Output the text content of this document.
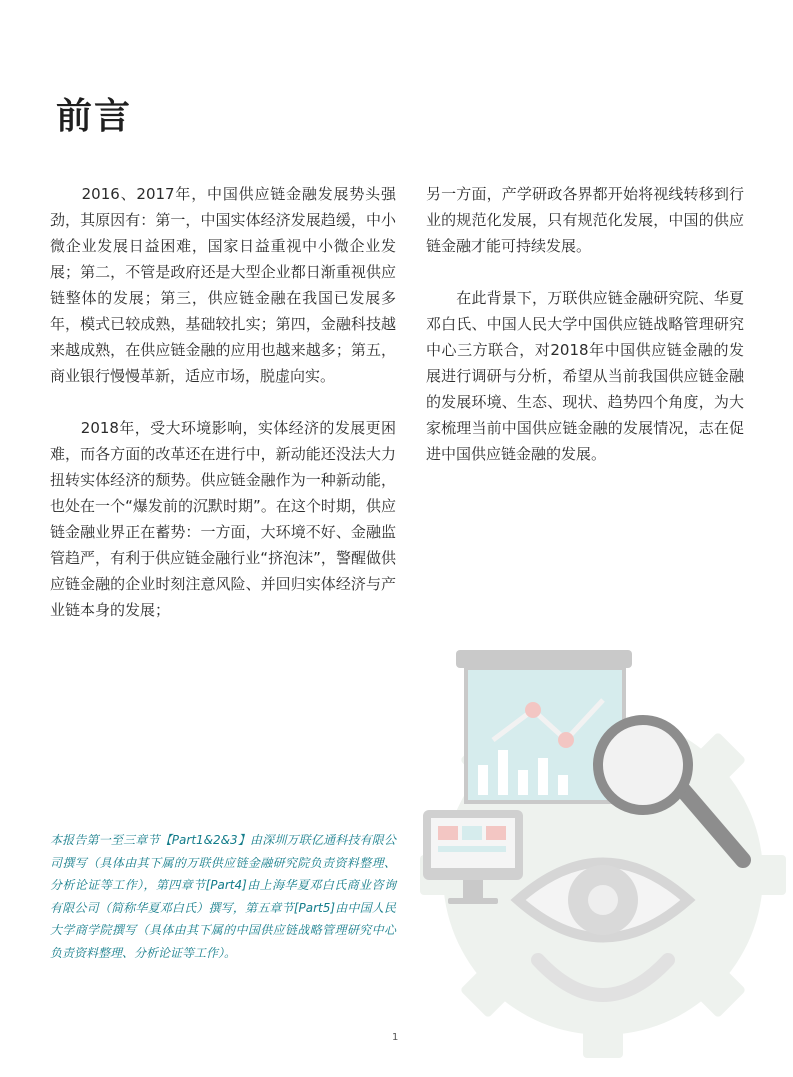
前言

　　2016、2017年，中国供应链金融发展势头强劲，其原因有：第一，中国实体经济发展趋缓，中小微企业发展日益困难，国家日益重视中小微企业发展；第二，不管是政府还是大型企业都日渐重视供应链整体的发展；第三，供应链金融在我国已发展多年，模式已较成熟，基础较扎实；第四，金融科技越来越成熟，在供应链金融的应用也越来越多；第五，商业银行慢慢革新，适应市场，脱虚向实。

　　2018年，受大环境影响，实体经济的发展更困难，而各方面的改革还在进行中，新动能还没法大力扭转实体经济的颓势。供应链金融作为一种新动能，也处在一个“爆发前的沉默时期”。在这个时期，供应链金融业界正在蓄势：一方面，大环境不好、金融监管趋严，有利于供应链金融行业“挤泡沫”，警醒做供应链金融的企业时刻注意风险、并回归实体经济与产业链本身的发展；

另一方面，产学研政各界都开始将视线转移到行业的规范化发展，只有规范化发展，中国的供应链金融才能可持续发展。

　　在此背景下，万联供应链金融研究院、华夏邓白氏、中国人民大学中国供应链战略管理研究中心三方联合，对2018年中国供应链金融的发展进行调研与分析，希望从当前我国供应链金融的发展环境、生态、现状、趋势四个角度，为大家梳理当前中国供应链金融的发展情况，志在促进中国供应链金融的发展。

本报告第一至三章节【Part1&2&3】由深圳万联亿通科技有限公司撰写（具体由其下属的万联供应链金融研究院负责资料整理、分析论证等工作），第四章节[Part4]由上海华夏邓白氏商业咨询有限公司（简称华夏邓白氏）撰写，第五章节[Part5]由中国人民大学商学院撰写（具体由其下属的中国供应链战略管理研究中心负责资料整理、分析论证等工作）。

1
